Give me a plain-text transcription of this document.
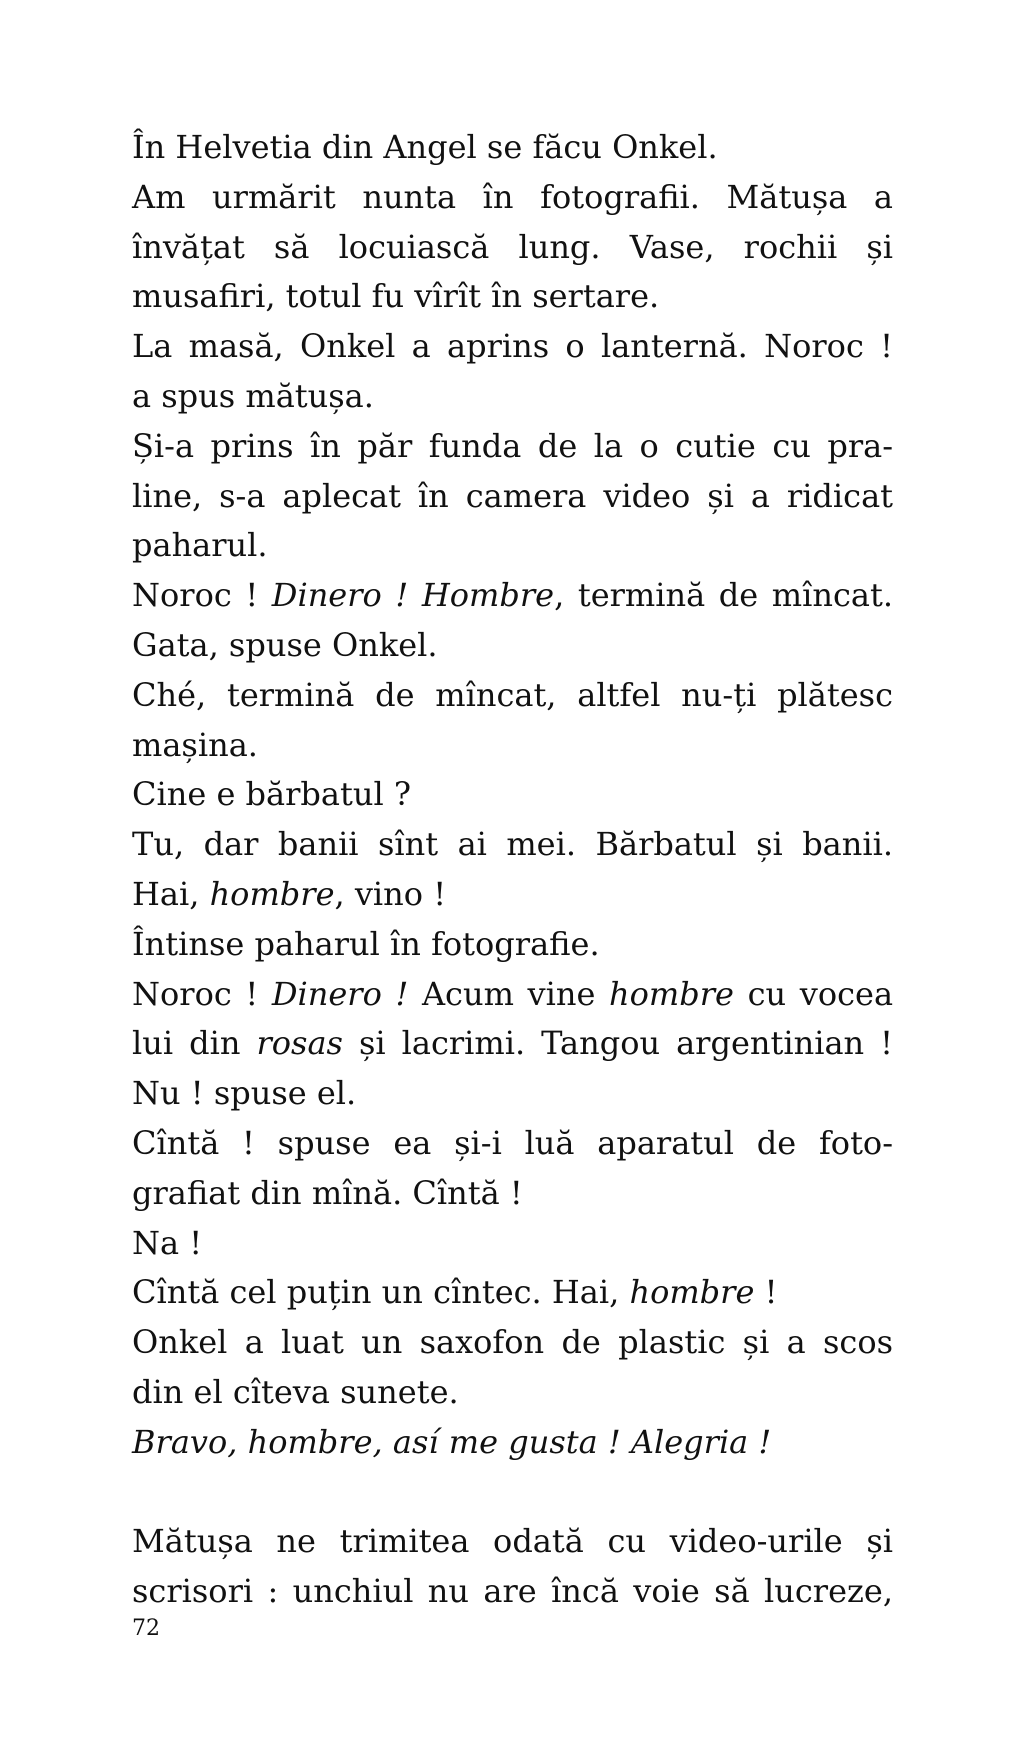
În Helvetia din Angel se făcu Onkel.
Am urmărit nunta în fotografii. Mătușa a
învățat să locuiască lung. Vase, rochii și
musafiri, totul fu vîrît în sertare.
La masă, Onkel a aprins o lanternă. Noroc !
a spus mătușa.
Și-a prins în păr funda de la o cutie cu pra-
line, s-a aplecat în camera video și a ridicat
paharul.
Noroc ! Dinero ! Hombre, termină de mîncat.
Gata, spuse Onkel.
Ché, termină de mîncat, altfel nu-ți plătesc
mașina.
Cine e bărbatul ?
Tu, dar banii sînt ai mei. Bărbatul și banii.
Hai, hombre, vino !
Întinse paharul în fotografie.
Noroc ! Dinero ! Acum vine hombre cu vocea
lui din rosas și lacrimi. Tangou argentinian !
Nu ! spuse el.
Cîntă ! spuse ea și-i luă aparatul de foto-
grafiat din mînă. Cîntă !
Na !
Cîntă cel puțin un cîntec. Hai, hombre !
Onkel a luat un saxofon de plastic și a scos
din el cîteva sunete.
Bravo, hombre, así me gusta ! Alegria !
Mătușa ne trimitea odată cu video-urile și
scrisori : unchiul nu are încă voie să lucreze,
72
